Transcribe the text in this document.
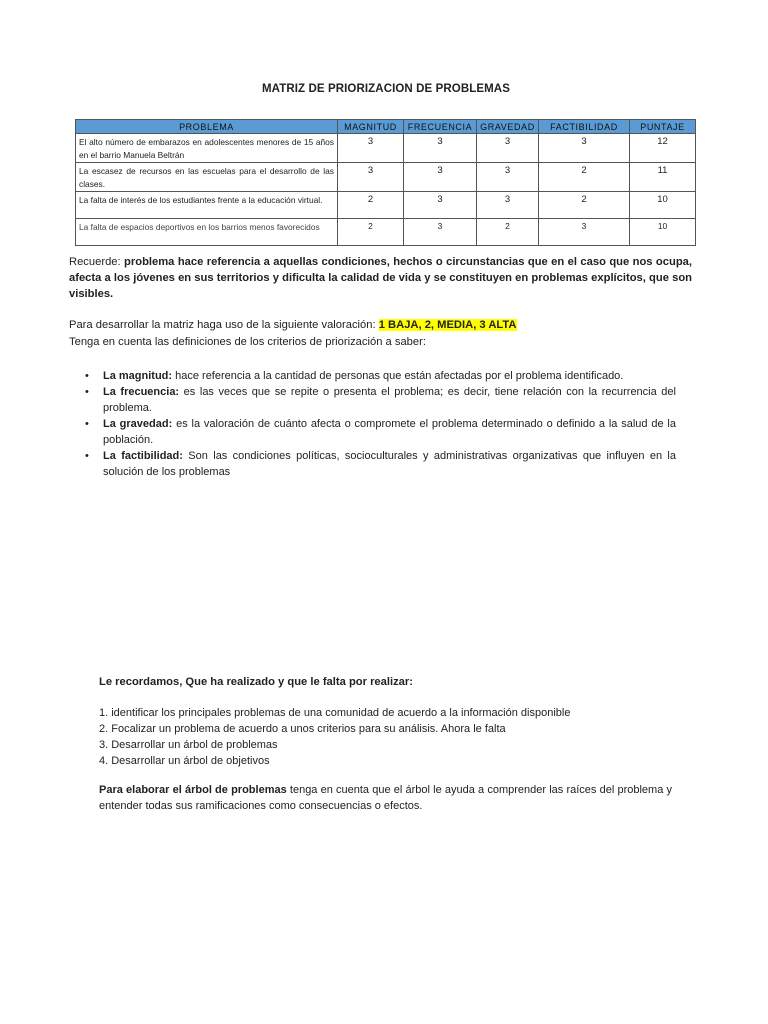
MATRIZ DE PRIORIZACION DE PROBLEMAS
PROBLEMA	MAGNITUD	FRECUENCIA	GRAVEDAD	FACTIBILIDAD	PUNTAJE
El alto número de embarazos en adolescentes menores de 15 años en el barrio Manuela Beltrán	3	3	3	3	12
La escasez de recursos en las escuelas para el desarrollo de las clases.	3	3	3	2	11
La falta de interés de los estudiantes frente a la educación virtual.	2	3	3	2	10
La falta de espacios deportivos en los barrios menos favorecidos	2	3	2	3	10
Recuerde: problema hace referencia a aquellas condiciones, hechos o circunstancias que en el caso que nos ocupa, afecta a los jóvenes en sus territorios y dificulta la calidad de vida y se constituyen en problemas explícitos, que son visibles.
Para desarrollar la matriz haga uso de la siguiente valoración: 1 BAJA, 2, MEDIA, 3 ALTA
Tenga en cuenta las definiciones de los criterios de priorización a saber:
• La magnitud: hace referencia a la cantidad de personas que están afectadas por el problema identificado.
• La frecuencia: es las veces que se repite o presenta el problema; es decir, tiene relación con la recurrencia del problema.
• La gravedad: es la valoración de cuánto afecta o compromete el problema determinado o definido a la salud de la población.
• La factibilidad: Son las condiciones políticas, socioculturales y administrativas organizativas que influyen en la solución de los problemas
Le recordamos, Que ha realizado y que le falta por realizar:
1. identificar los principales problemas de una comunidad de acuerdo a la información disponible
2. Focalizar un problema de acuerdo a unos criterios para su análisis. Ahora le falta
3. Desarrollar un árbol de problemas
4. Desarrollar un árbol de objetivos
Para elaborar el árbol de problemas tenga en cuenta que el árbol le ayuda a comprender las raíces del problema y entender todas sus ramificaciones como consecuencias o efectos.
